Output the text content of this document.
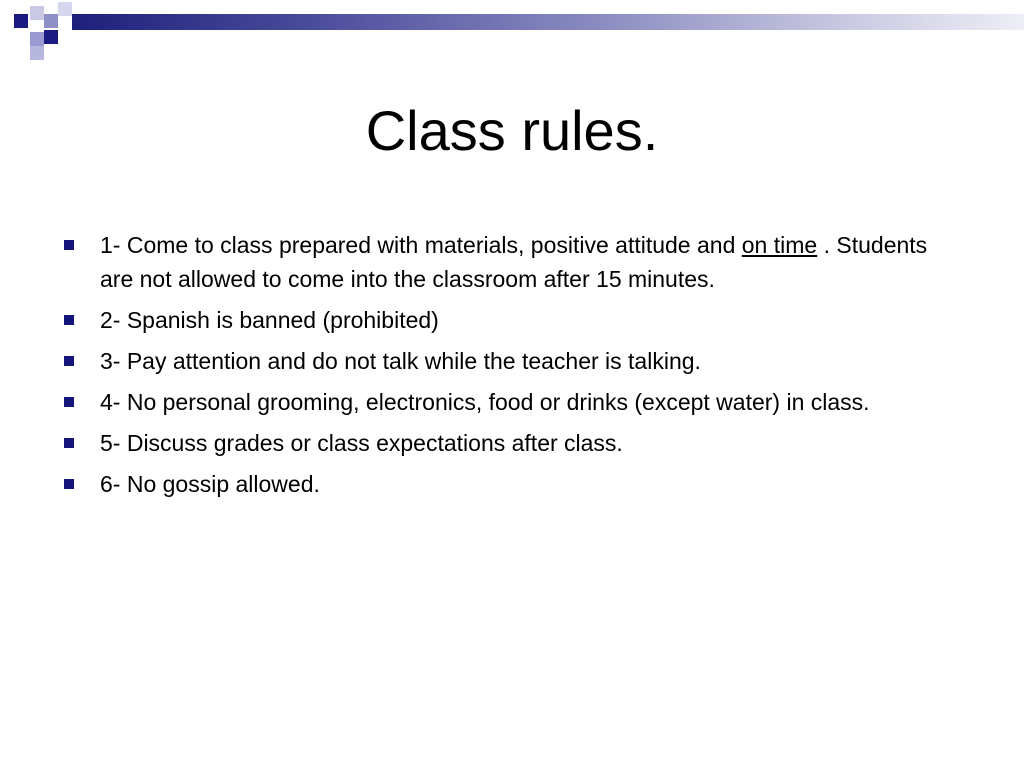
Class rules.
1- Come to class prepared with materials, positive attitude and on time . Students are not allowed to come into the classroom after 15 minutes.
2- Spanish is banned (prohibited)
3- Pay attention and do not talk while the teacher is talking.
4- No personal grooming, electronics, food or drinks (except water) in class.
5- Discuss grades or class expectations after class.
6- No gossip allowed.
